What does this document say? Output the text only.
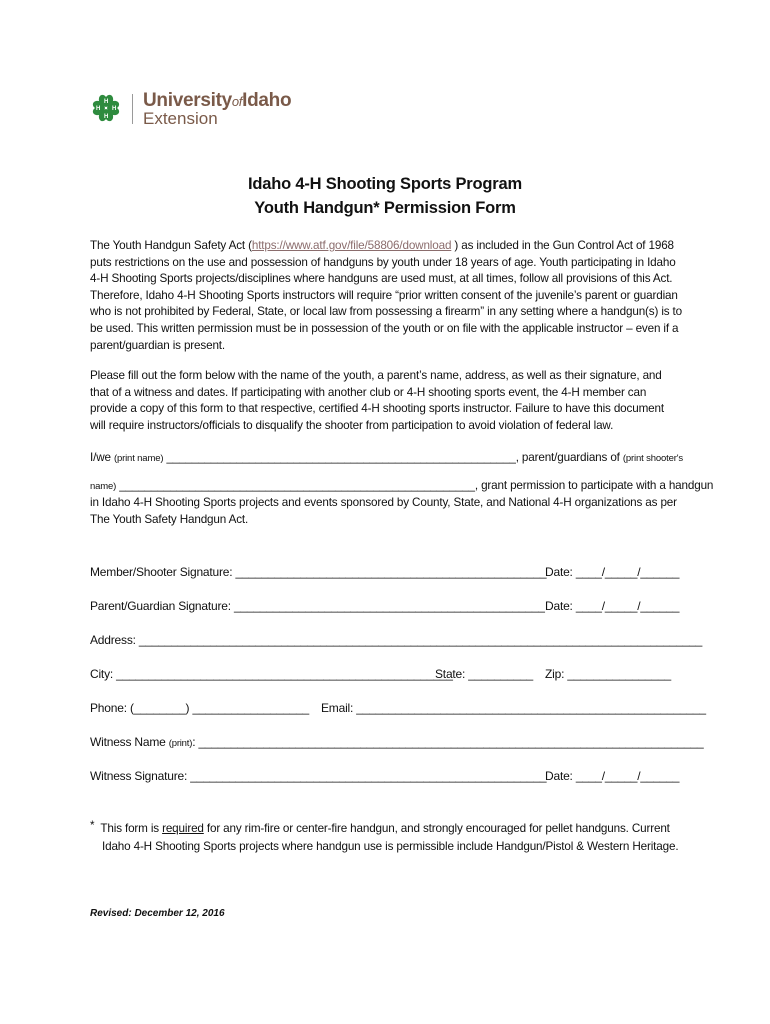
H
H
H H UniversityofIdaho
Extension
Idaho 4-H Shooting Sports Program
Youth Handgun* Permission Form
The Youth Handgun Safety Act (https://www.atf.gov/file/58806/download ) as included in the Gun Control Act of 1968 puts restrictions on the use and possession of handguns by youth under 18 years of age. Youth participating in Idaho 4-H Shooting Sports projects/disciplines where handguns are used must, at all times, follow all provisions of this Act. Therefore, Idaho 4-H Shooting Sports instructors will require “prior written consent of the juvenile’s parent or guardian who is not prohibited by Federal, State, or local law from possessing a firearm” in any setting where a handgun(s) is to be used. This written permission must be in possession of the youth or on file with the applicable instructor – even if a parent/guardian is present.
Please fill out the form below with the name of the youth, a parent’s name, address, as well as their signature, and that of a witness and dates. If participating with another club or 4-H shooting sports event, the 4-H member can provide a copy of this form to that respective, certified 4-H shooting sports instructor. Failure to have this document will require instructors/officials to disqualify the shooter from participation to avoid violation of federal law.
I/we (print name) _______________________________________________________, parent/guardians of (print shooter's
name) ________________________________________________________, grant permission to participate with a handgun
in Idaho 4-H Shooting Sports projects and events sponsored by County, State, and National 4-H organizations as per
The Youth Safety Handgun Act.
Member/Shooter Signature: ________________________________________________
Date: ____/_____/______
Parent/Guardian Signature: ________________________________________________ Date: ____/_____/______
Address: _______________________________________________________________________________________
City: ____________________________________________________
State: __________ Zip: ________________
Phone: (________) __________________ Email: ______________________________________________________
Witness Name (print): ______________________________________________________________________________
Witness Signature: _______________________________________________________
Date: ____/_____/______
* This form is required for any rim-fire or center-fire handgun, and strongly encouraged for pellet handguns. Current
Idaho 4-H Shooting Sports projects where handgun use is permissible include Handgun/Pistol & Western Heritage.
Revised: December 12, 2016
